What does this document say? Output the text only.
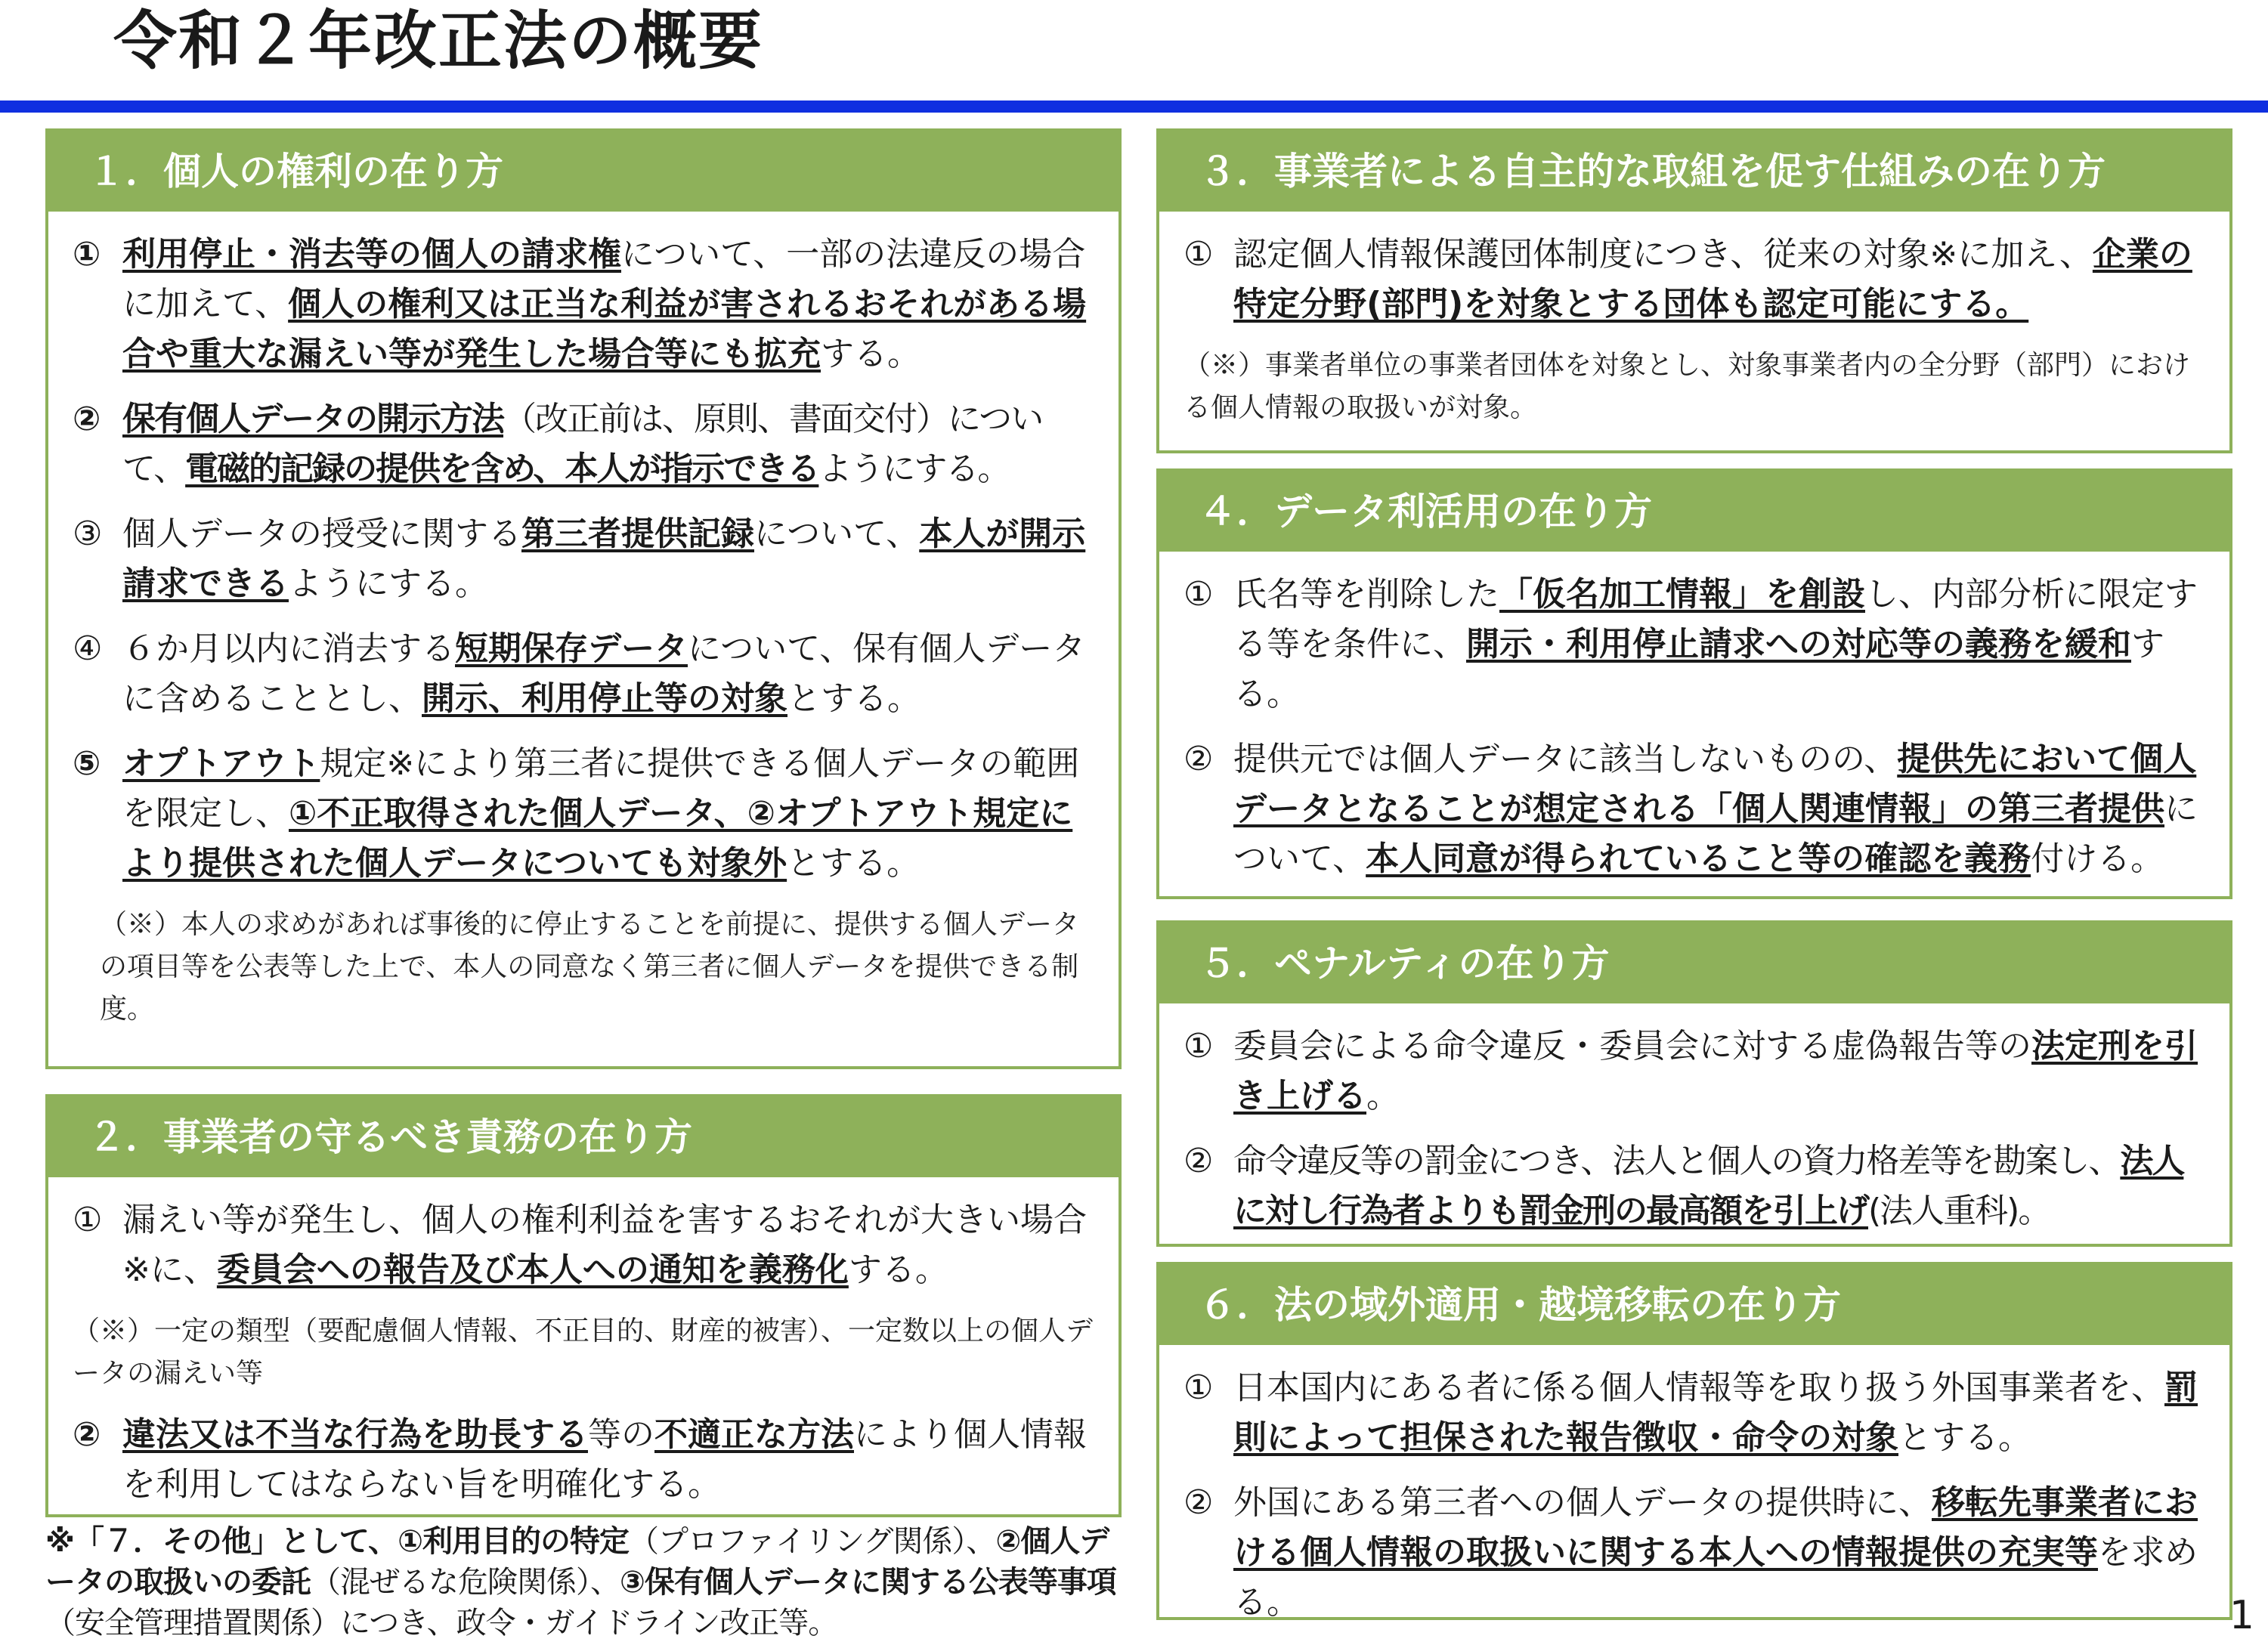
令和２年改正法の概要
１．個人の権利の在り方
① 利用停止・消去等の個人の請求権について、一部の法違反の場合に加えて、個人の権利又は正当な利益が害されるおそれがある場合や重大な漏えい等が発生した場合等にも拡充する。
② 保有個人データの開示方法（改正前は、原則、書面交付）について、電磁的記録の提供を含め、本人が指示できるようにする。
③ 個人データの授受に関する第三者提供記録について、本人が開示請求できるようにする。
④ ６か月以内に消去する短期保存データについて、保有個人データに含めることとし、開示、利用停止等の対象とする。
⑤ オプトアウト規定※により第三者に提供できる個人データの範囲を限定し、①不正取得された個人データ、②オプトアウト規定により提供された個人データについても対象外とする。
（※）本人の求めがあれば事後的に停止することを前提に、提供する個人データの項目等を公表等した上で、本人の同意なく第三者に個人データを提供できる制度。
２．事業者の守るべき責務の在り方
① 漏えい等が発生し、個人の権利利益を害するおそれが大きい場合※に、委員会への報告及び本人への通知を義務化する。
（※）一定の類型（要配慮個人情報、不正目的、財産的被害）、一定数以上の個人データの漏えい等
② 違法又は不当な行為を助長する等の不適正な方法により個人情報を利用してはならない旨を明確化する。
３．事業者による自主的な取組を促す仕組みの在り方
① 認定個人情報保護団体制度につき、従来の対象※に加え、企業の特定分野(部門)を対象とする団体も認定可能にする。
（※）事業者単位の事業者団体を対象とし、対象事業者内の全分野（部門）における個人情報の取扱いが対象。
４．データ利活用の在り方
① 氏名等を削除した「仮名加工情報」を創設し、内部分析に限定する等を条件に、開示・利用停止請求への対応等の義務を緩和する。
② 提供元では個人データに該当しないものの、提供先において個人データとなることが想定される「個人関連情報」の第三者提供について、本人同意が得られていること等の確認を義務付ける。
５．ペナルティの在り方
① 委員会による命令違反・委員会に対する虚偽報告等の法定刑を引き上げる。
② 命令違反等の罰金につき、法人と個人の資力格差等を勘案し、法人に対し行為者よりも罰金刑の最高額を引上げ(法人重科)。
６．法の域外適用・越境移転の在り方
① 日本国内にある者に係る個人情報等を取り扱う外国事業者を、罰則によって担保された報告徴収・命令の対象とする。
② 外国にある第三者への個人データの提供時に、移転先事業者における個人情報の取扱いに関する本人への情報提供の充実等を求める。
※「７．その他」として、①利用目的の特定（プロファイリング関係）、②個人データの取扱いの委託（混ぜるな危険関係）、③保有個人データに関する公表等事項（安全管理措置関係）につき、政令・ガイドライン改正等。	1
